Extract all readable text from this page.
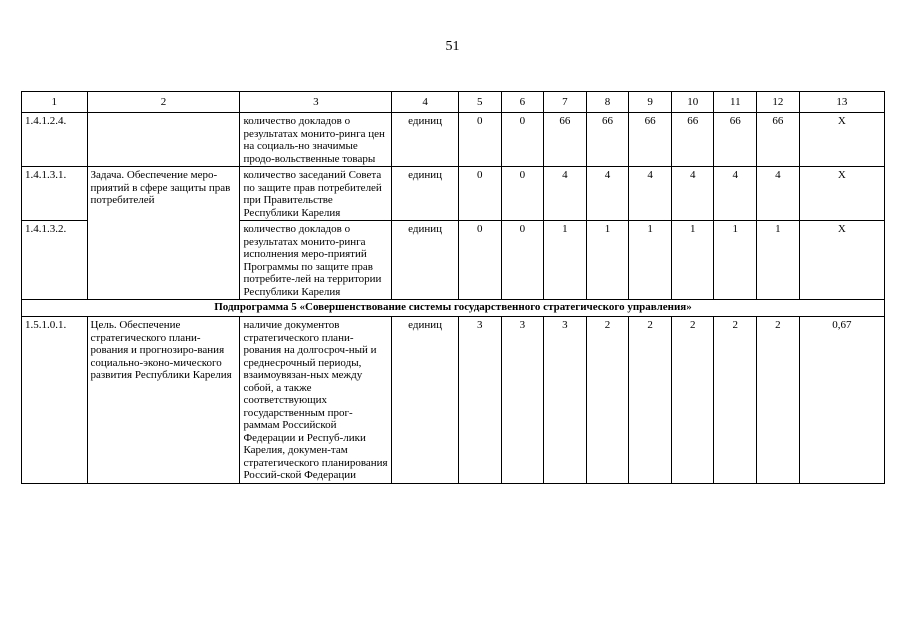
51
1	2	3	4	5	6	7	8	9	10	11	12	13
1.4.1.2.4.		количество докладов о результатах монито-ринга цен на социаль-но значимые продо-вольственные товары	единиц	0	0	66	66	66	66	66	66	X
1.4.1.3.1.	Задача. Обеспечение меро-приятий в сфере защиты прав потребителей	количество заседаний Совета по защите прав потребителей при Правительстве Республики Карелия	единиц	0	0	4	4	4	4	4	4	X
1.4.1.3.2.		количество докладов о результатах монито-ринга исполнения меро-приятий Программы по защите прав потребите-лей на территории Республики Карелия	единиц	0	0	1	1	1	1	1	1	X
Подпрограмма 5 «Совершенствование системы государственного стратегического управления»												
1.5.1.0.1.	Цель. Обеспечение стратегического плани-рования и прогнозиро-вания социально-эконо-мического развития Республики Карелия	наличие документов стратегического плани-рования на долгосроч-ный и среднесрочный периоды, взаимоувязан-ных между собой, а также соответствующих государственным прог-раммам Российской Федерации и Респуб-лики Карелия, докумен-там стратегического планирования Россий-ской Федерации	единиц	3	3	3	2	2	2	2	2	0,67
